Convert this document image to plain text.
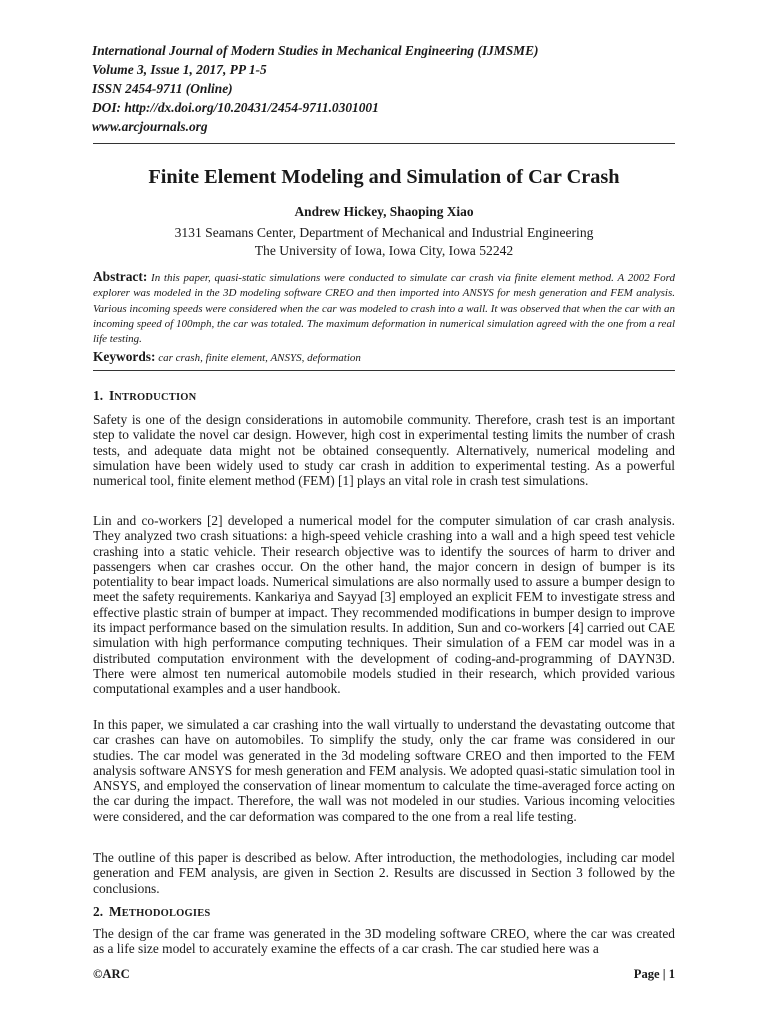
International Journal of Modern Studies in Mechanical Engineering (IJMSME)
Volume 3, Issue 1, 2017, PP 1-5
ISSN 2454-9711 (Online)
DOI: http://dx.doi.org/10.20431/2454-9711.0301001
www.arcjournals.org
Finite Element Modeling and Simulation of Car Crash
Andrew Hickey, Shaoping Xiao
3131 Seamans Center, Department of Mechanical and Industrial Engineering
The University of Iowa, Iowa City, Iowa 52242
Abstract: In this paper, quasi-static simulations were conducted to simulate car crash via finite element method. A 2002 Ford explorer was modeled in the 3D modeling software CREO and then imported into ANSYS for mesh generation and FEM analysis. Various incoming speeds were considered when the car was modeled to crash into a wall. It was observed that when the car with an incoming speed of 100mph, the car was totaled. The maximum deformation in numerical simulation agreed with the one from a real life testing.
Keywords: car crash, finite element, ANSYS, deformation
1. INTRODUCTION
Safety is one of the design considerations in automobile community. Therefore, crash test is an important step to validate the novel car design. However, high cost in experimental testing limits the number of crash tests, and adequate data might not be obtained consequently. Alternatively, numerical modeling and simulation have been widely used to study car crash in addition to experimental testing. As a powerful numerical tool, finite element method (FEM) [1] plays an vital role in crash test simulations.
Lin and co-workers [2] developed a numerical model for the computer simulation of car crash analysis. They analyzed two crash situations: a high-speed vehicle crashing into a wall and a high speed test vehicle crashing into a static vehicle. Their research objective was to identify the sources of harm to driver and passengers when car crashes occur. On the other hand, the major concern in design of bumper is its potentiality to bear impact loads. Numerical simulations are also normally used to assure a bumper design to meet the safety requirements. Kankariya and Sayyad [3] employed an explicit FEM to investigate stress and effective plastic strain of bumper at impact. They recommended modifications in bumper design to improve its impact performance based on the simulation results. In addition, Sun and co-workers [4] carried out CAE simulation with high performance computing techniques. Their simulation of a FEM car model was in a distributed computation environment with the development of coding-and-programming of DAYN3D. There were almost ten numerical automobile models studied in their research, which provided various computational examples and a user handbook.
In this paper, we simulated a car crashing into the wall virtually to understand the devastating outcome that car crashes can have on automobiles. To simplify the study, only the car frame was considered in our studies. The car model was generated in the 3d modeling software CREO and then imported to the FEM analysis software ANSYS for mesh generation and FEM analysis. We adopted quasi-static simulation tool in ANSYS, and employed the conservation of linear momentum to calculate the time-averaged force acting on the car during the impact. Therefore, the wall was not modeled in our studies. Various incoming velocities were considered, and the car deformation was compared to the one from a real life testing.
The outline of this paper is described as below. After introduction, the methodologies, including car model generation and FEM analysis, are given in Section 2. Results are discussed in Section 3 followed by the conclusions.
2. METHODOLOGIES
The design of the car frame was generated in the 3D modeling software CREO, where the car was created as a life size model to accurately examine the effects of a car crash. The car studied here was a
©ARC	Page | 1
